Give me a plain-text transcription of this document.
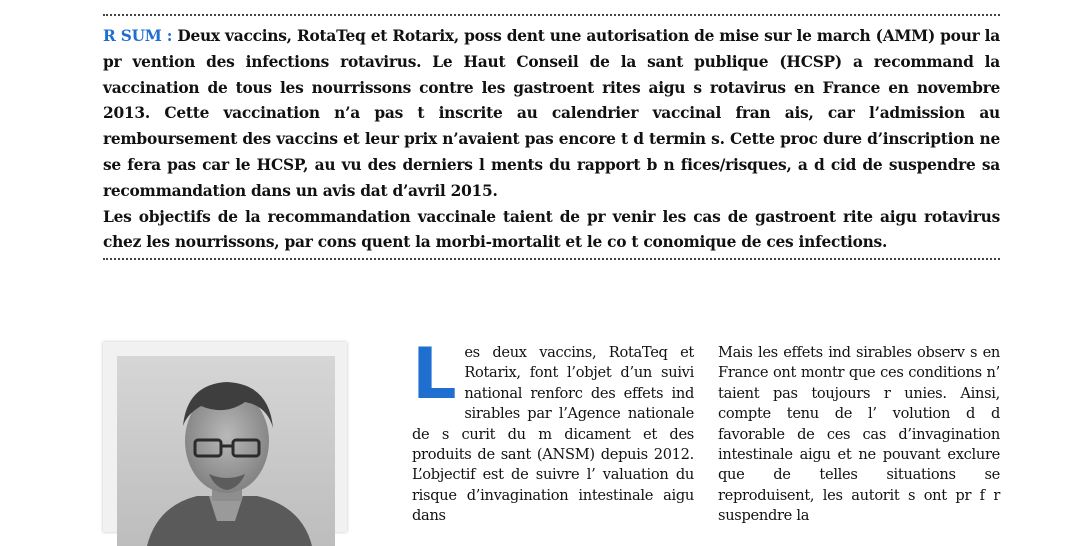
R SUM : Deux vaccins, RotaTeq et Rotarix, poss dent une autorisation de mise sur le march (AMM) pour la pr vention des infections rotavirus. Le Haut Conseil de la sant publique (HCSP) a recommand la vaccination de tous les nourrissons contre les gastroent rites aigu s rotavirus en France en novembre 2013. Cette vaccination n’a pas t inscrite au calendrier vaccinal fran ais, car l’admission au remboursement des vaccins et leur prix n’avaient pas encore t d termin s. Cette proc dure d’inscription ne se fera pas car le HCSP, au vu des derniers l ments du rapport b n fices/risques, a d cid de suspendre sa recommandation dans un avis dat d’avril 2015.

Les objectifs de la recommandation vaccinale taient de pr venir les cas de gastroent rite aigu rotavirus chez les nourrissons, par cons quent la morbi-mortalit et le co t conomique de ces infections.

L es deux vaccins, RotaTeq et Rotarix, font l’objet d’un suivi national renforc des effets ind sirables par l’Agence nationale de s curit du m dicament et des produits de sant (ANSM) depuis 2012. L’objectif est de suivre l’ valuation du risque d’invagination intestinale aigu dans

Mais les effets ind sirables observ s en France ont montr que ces conditions n’ taient pas toujours r unies. Ainsi, compte tenu de l’ volution d d favorable de ces cas d’invagination intestinale aigu et ne pouvant exclure que de telles situations se reproduisent, les autorit s ont pr f r suspendre la
